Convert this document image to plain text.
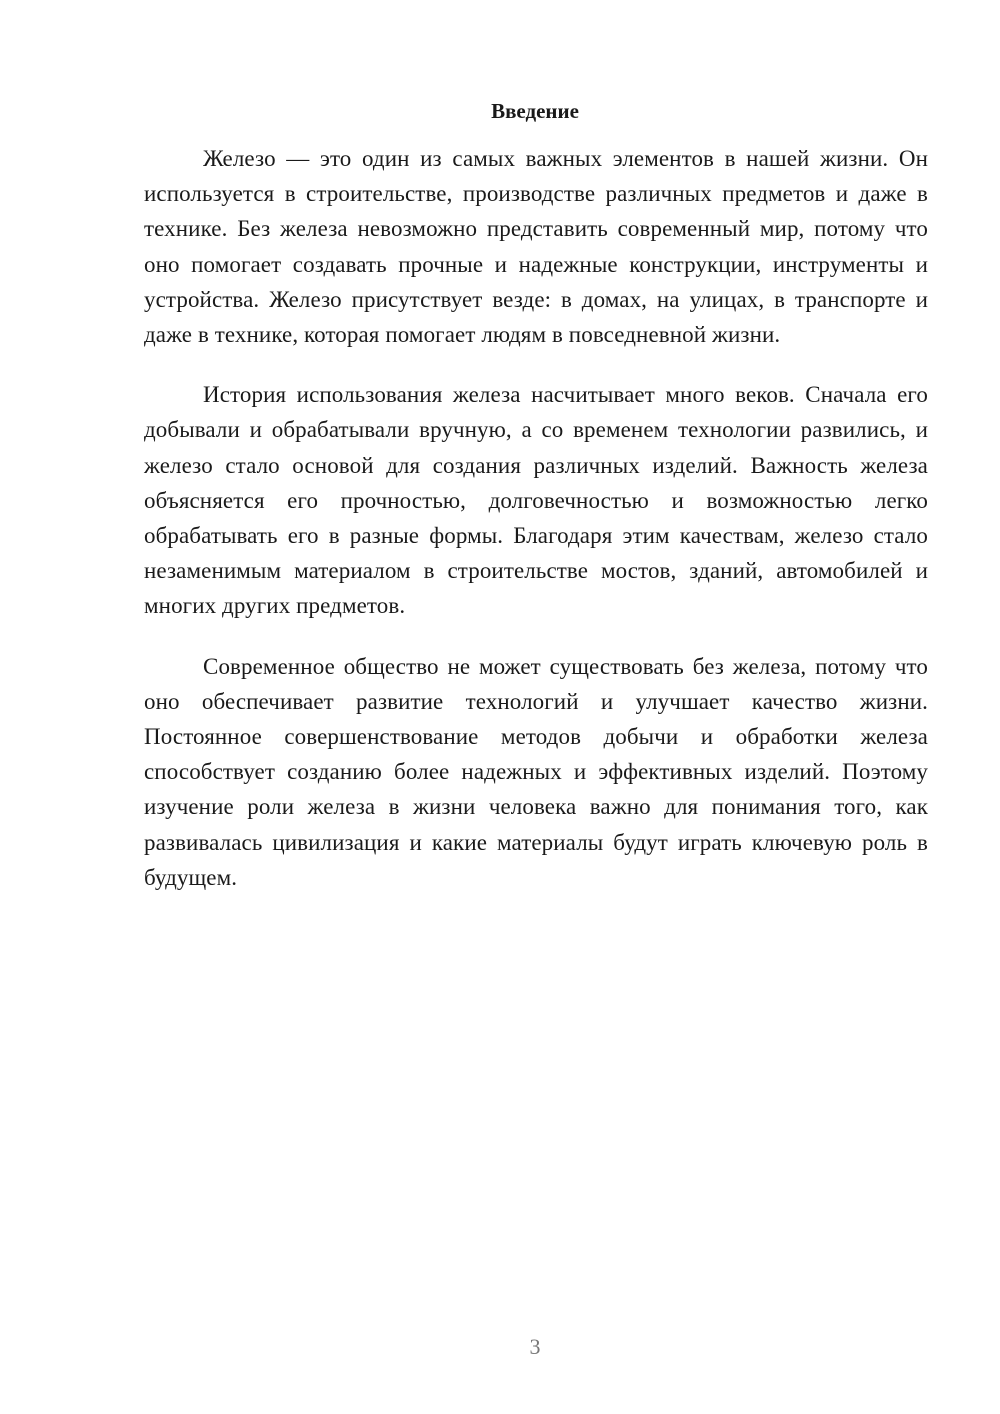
Введение

Железо — это один из самых важных элементов в нашей жизни. Он используется в строительстве, производстве различных предметов и даже в технике. Без железа невозможно представить современный мир, потому что оно помогает создавать прочные и надежные конструкции, инструменты и устройства. Железо присутствует везде: в домах, на улицах, в транспорте и даже в технике, которая помогает людям в повседневной жизни.

История использования железа насчитывает много веков. Сначала его добывали и обрабатывали вручную, а со временем технологии развились, и железо стало основой для создания различных изделий. Важность железа объясняется его прочностью, долговечностью и возможностью легко обрабатывать его в разные формы. Благодаря этим качествам, железо стало незаменимым материалом в строительстве мостов, зданий, автомобилей и многих других предметов.

Современное общество не может существовать без железа, потому что оно обеспечивает развитие технологий и улучшает качество жизни. Постоянное совершенствование методов добычи и обработки железа способствует созданию более надежных и эффективных изделий. Поэтому изучение роли железа в жизни человека важно для понимания того, как развивалась цивилизация и какие материалы будут играть ключевую роль в будущем.

3
